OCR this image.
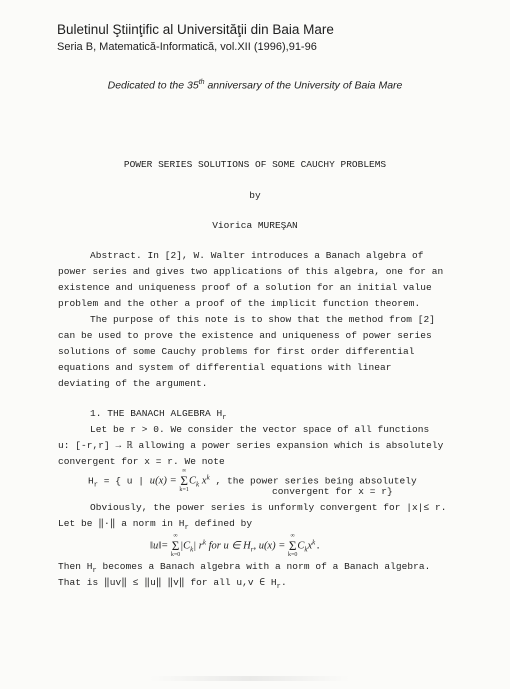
Buletinul Ştiinţific al Universităţii din Baia Mare
Seria B, Matematică-Informatică, vol.XII (1996),91-96
Dedicated to the 35th anniversary of the University of Baia Mare
POWER SERIES SOLUTIONS OF SOME CAUCHY PROBLEMS
by
Viorica MUREŞAN
Abstract. In [2], W. Walter introduces a Banach algebra of
power series and gives two applications of this algebra, one for an
existence and uniqueness proof of a solution for an initial value
problem and the other a proof of the implicit function theorem.
The purpose of this note is to show that the method from [2]
can be used to prove the existence and uniqueness of power series
solutions of some Cauchy problems for first order differential
equations and system of differential equations with linear
deviating of the argument.
1. THE BANACH ALGEBRA $H_r$
Let be r > 0. We consider the vector space of all functions
u: [-r,r] → ℝ allowing a power series expansion which is absolutely
convergent for x = r. We note
$H_r$ = { u | u(x) =
∞
Σ
k=1
$C_k$ $x^k$ , the power series being absolutely
convergent for x = r}
Obviously, the power series is unformly convergent for |x|≤ r.
Let be ‖·‖ a norm in $H_r$ defined by
‖u‖=
∞
Σ
k=0
$|C_k|$ $r^k$ for u ∈ $H_r$, u(x) =
∞
Σ
k=0
$C_kx^k$.
Then $H_r$ becomes a Banach algebra with a norm of a Banach algebra.
That is ‖uv‖ ≤ ‖u‖ ‖v‖ for all u,v ∈ $H_r$.
